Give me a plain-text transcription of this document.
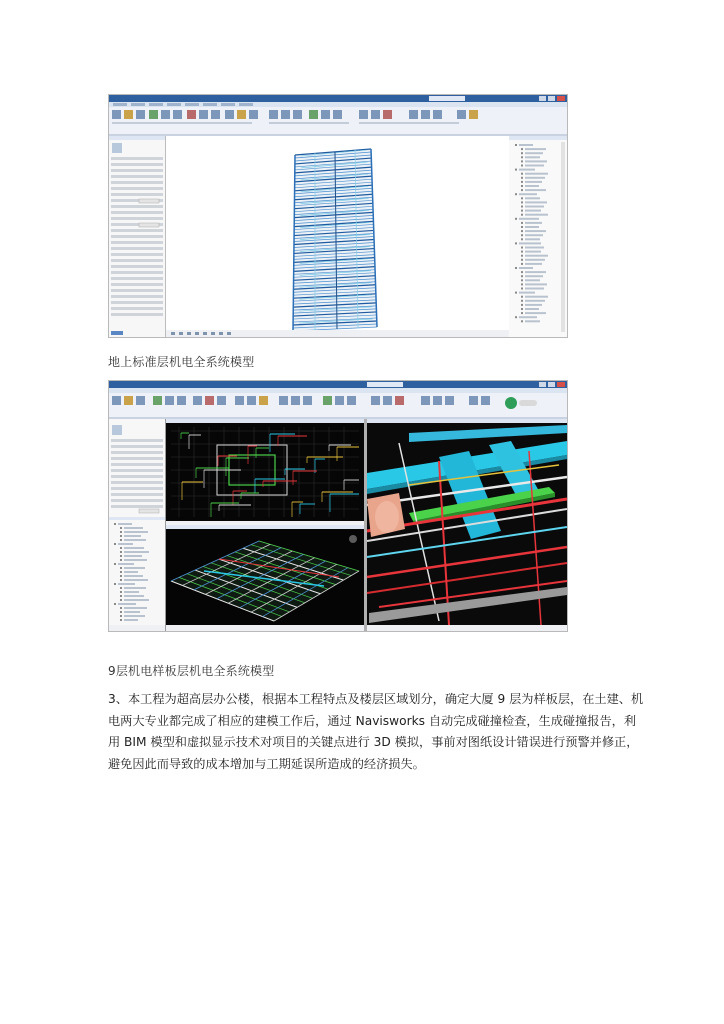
地上标准层机电全系统模型
9层机电样板层机电全系统模型
3、本工程为超高层办公楼，根据本工程特点及楼层区域划分，确定大厦 9 层为样板层，在土建、机
电两大专业都完成了相应的建模工作后，通过 Navisworks 自动完成碰撞检查，生成碰撞报告，利
用 BIM 模型和虚拟显示技术对项目的关键点进行 3D 模拟，事前对图纸设计错误进行预警并修正，
避免因此而导致的成本增加与工期延误所造成的经济损失。
